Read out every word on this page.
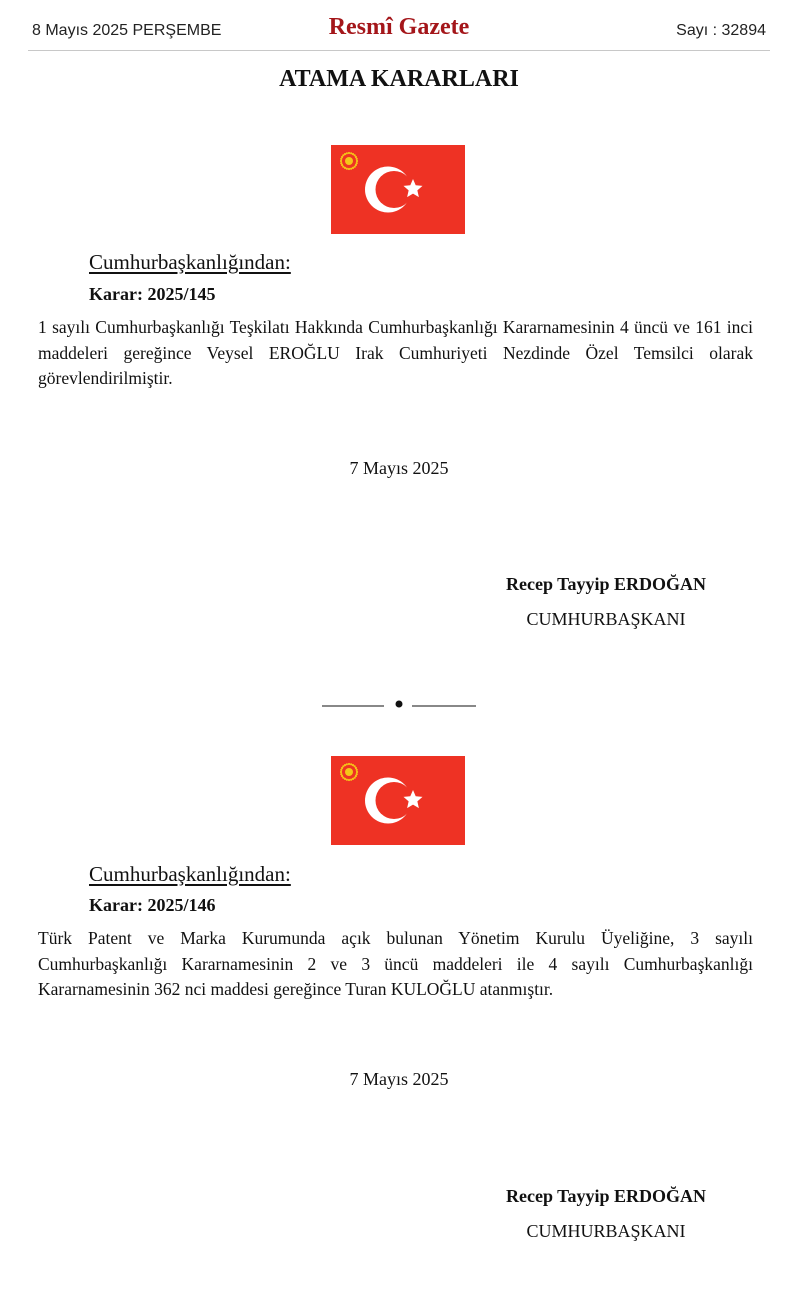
8 Mayıs 2025 PERŞEMBE	Resmî Gazete	Sayı : 32894
ATAMA KARARLARI
Cumhurbaşkanlığından:
Karar: 2025/145

1 sayılı Cumhurbaşkanlığı Teşkilatı Hakkında Cumhurbaşkanlığı Kararnamesinin 4 üncü ve 161 inci maddeleri gereğince Veysel EROĞLU Irak Cumhuriyeti Nezdinde Özel Temsilci olarak görevlendirilmiştir.

7 Mayıs 2025
Recep Tayyip ERDOĞAN
CUMHURBAŞKANI
Cumhurbaşkanlığından:
Karar: 2025/146

Türk Patent ve Marka Kurumunda açık bulunan Yönetim Kurulu Üyeliğine, 3 sayılı Cumhurbaşkanlığı Kararnamesinin 2 ve 3 üncü maddeleri ile 4 sayılı Cumhurbaşkanlığı Kararnamesinin 362 nci maddesi gereğince Turan KULOĞLU atanmıştır.

7 Mayıs 2025
Recep Tayyip ERDOĞAN
CUMHURBAŞKANI
